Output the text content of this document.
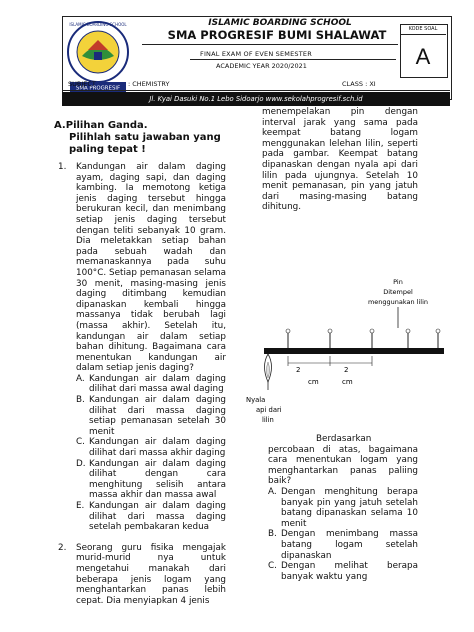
SMA PROGRESIF
ISLAMIC BOARDING SCHOOL	ISLAMIC BOARDING SCHOOL
SMA PROGRESIF BUMI SHALAWAT
FINAL EXAM OF EVEN SEMESTER
ACADEMIC YEAR 2020/2021
KODE SOAL
A
SUBJECT	: CHEMISTRY	CLASS : XI
Jl. Kyai Dasuki No.1 Lebo Sidoarjo www.sekolahprogresif.sch.id
A.Pilihan Ganda.
Pilihlah satu jawaban yang paling tepat !
1. Kandungan air dalam daging ayam, daging sapi, dan daging kambing. Ia memotong ketiga jenis daging tersebut hingga berukuran kecil, dan menimbang setiap jenis daging tersebut dengan teliti sebanyak 10 gram. Dia meletakkan setiap bahan pada sebuah wadah dan memanaskannya pada suhu 100°C. Setiap pemanasan selama 30 menit, masing-masing jenis daging ditimbang kemudian dipanaskan kembali hingga massanya tidak berubah lagi (massa akhir). Setelah itu, kandungan air dalam setiap bahan dihitung. Bagaimana cara menentukan kandungan air dalam setiap jenis daging?
A. Kandungan air dalam daging dilihat dari massa awal daging
B. Kandungan air dalam daging dilihat dari massa daging setiap pemanasan setelah 30 menit
C. Kandungan air dalam daging dilihat dari massa akhir daging
D. Kandungan air dalam daging dilihat dengan cara menghitung selisih antara massa akhir dan massa awal
E. Kandungan air dalam daging dilihat dari massa daging setelah pembakaran kedua
2. Seorang guru fisika mengajak murid-murid nya untuk mengetahui manakah dari beberapa jenis logam yang menghantarkan panas lebih cepat. Dia menyiapkan 4 jenis
menempelakan pin dengan interval jarak yang sama pada keempat batang logam menggunakan lelehan lilin, seperti pada gambar. Keempat batang dipanaskan dengan nyala api dari lilin pada ujungnya. Setelah 10 menit pemanasan, pin yang jatuh dari masing-masing batang dihitung.
Pin
Ditempel
menggunakan lilin
2
cm
2
cm
Nyala
api dari
lilin
Berdasarkan
percobaan di atas, bagaimana cara menentukan logam yang menghantarkan panas paliing baik?
A. Dengan menghitung berapa banyak pin yang jatuh setelah batang dipanaskan selama 10 menit
B. Dengan menimbang massa batang logam setelah dipanaskan
C. Dengan melihat berapa banyak waktu yang
